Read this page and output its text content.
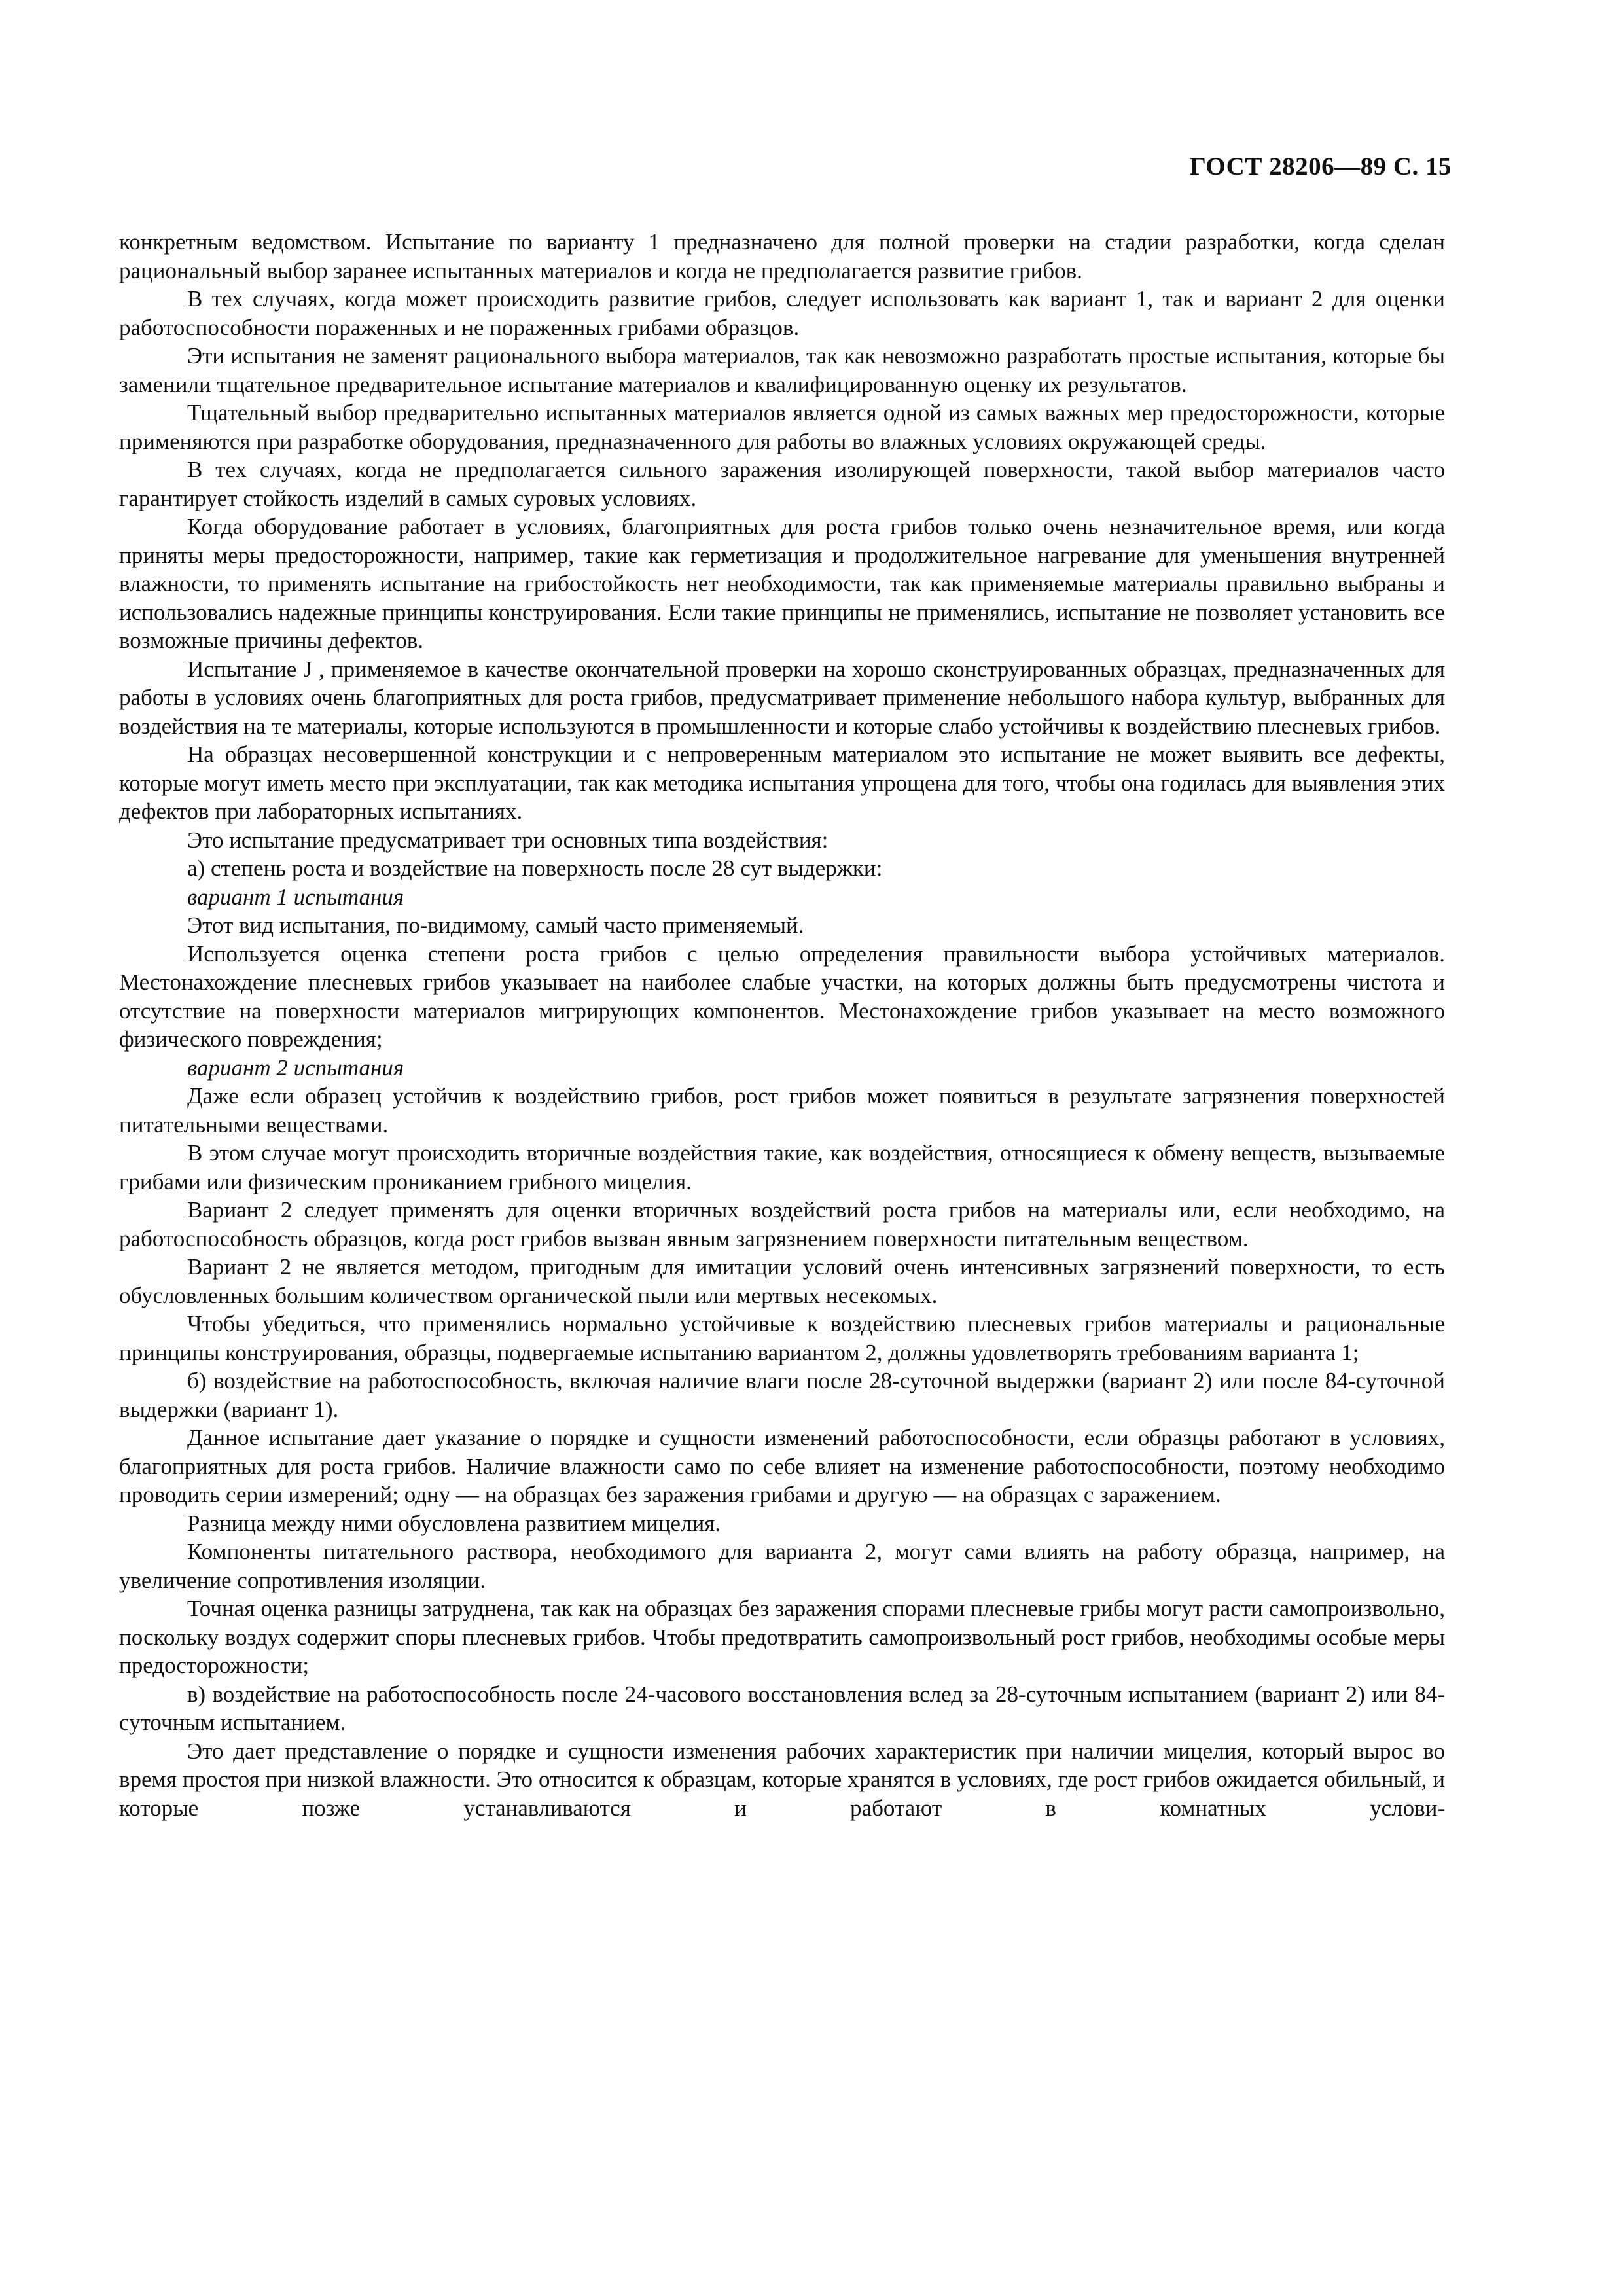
ГОСТ 28206—89 С. 15

конкретным ведомством. Испытание по варианту 1 предназначено для полной проверки на стадии разработки, когда сделан рациональный выбор заранее испытанных материалов и когда не предполагается развитие грибов.

В тех случаях, когда может происходить развитие грибов, следует использовать как вариант 1, так и вариант 2 для оценки работоспособности пораженных и не пораженных грибами образцов.

Эти испытания не заменят рационального выбора материалов, так как невозможно разработать простые испытания, которые бы заменили тщательное предварительное испытание материалов и квалифицированную оценку их результатов.

Тщательный выбор предварительно испытанных материалов является одной из самых важных мер предосторожности, которые применяются при разработке оборудования, предназначенного для работы во влажных условиях окружающей среды.

В тех случаях, когда не предполагается сильного заражения изолирующей поверхности, такой выбор материалов часто гарантирует стойкость изделий в самых суровых условиях.

Когда оборудование работает в условиях, благоприятных для роста грибов только очень незначительное время, или когда приняты меры предосторожности, например, такие как герметизация и продолжительное нагревание для уменьшения внутренней влажности, то применять испытание на грибостойкость нет необходимости, так как применяемые материалы правильно выбраны и использовались надежные принципы конструирования. Если такие принципы не применялись, испытание не позволяет установить все возможные причины дефектов.

Испытание J , применяемое в качестве окончательной проверки на хорошо сконструированных образцах, предназначенных для работы в условиях очень благоприятных для роста грибов, предусматривает применение небольшого набора культур, выбранных для воздействия на те материалы, которые используются в промышленности и которые слабо устойчивы к воздействию плесневых грибов.

На образцах несовершенной конструкции и с непроверенным материалом это испытание не может выявить все дефекты, которые могут иметь место при эксплуатации, так как методика испытания упрощена для того, чтобы она годилась для выявления этих дефектов при лабораторных испытаниях.

Это испытание предусматривает три основных типа воздействия:

а) степень роста и воздействие на поверхность после 28 сут выдержки:

вариант 1 испытания

Этот вид испытания, по-видимому, самый часто применяемый.

Используется оценка степени роста грибов с целью определения правильности выбора устойчивых материалов. Местонахождение плесневых грибов указывает на наиболее слабые участки, на которых должны быть предусмотрены чистота и отсутствие на поверхности материалов мигрирующих компонентов. Местонахождение грибов указывает на место возможного физического повреждения;

вариант 2 испытания

Даже если образец устойчив к воздействию грибов, рост грибов может появиться в результате загрязнения поверхностей питательными веществами.

В этом случае могут происходить вторичные воздействия такие, как воздействия, относящиеся к обмену веществ, вызываемые грибами или физическим прониканием грибного мицелия.

Вариант 2 следует применять для оценки вторичных воздействий роста грибов на материалы или, если необходимо, на работоспособность образцов, когда рост грибов вызван явным загрязнением поверхности питательным веществом.

Вариант 2 не является методом, пригодным для имитации условий очень интенсивных загрязнений поверхности, то есть обусловленных большим количеством органической пыли или мертвых несекомых.

Чтобы убедиться, что применялись нормально устойчивые к воздействию плесневых грибов материалы и рациональные принципы конструирования, образцы, подвергаемые испытанию вариантом 2, должны удовлетворять требованиям варианта 1;

б) воздействие на работоспособность, включая наличие влаги после 28-суточной выдержки (вариант 2) или после 84-суточной выдержки (вариант 1).

Данное испытание дает указание о порядке и сущности изменений работоспособности, если образцы работают в условиях, благоприятных для роста грибов. Наличие влажности само по себе влияет на изменение работоспособности, поэтому необходимо проводить серии измерений; одну — на образцах без заражения грибами и другую — на образцах с заражением.

Разница между ними обусловлена развитием мицелия.

Компоненты питательного раствора, необходимого для варианта 2, могут сами влиять на работу образца, например, на увеличение сопротивления изоляции.

Точная оценка разницы затруднена, так как на образцах без заражения спорами плесневые грибы могут расти самопроизвольно, поскольку воздух содержит споры плесневых грибов. Чтобы предотвратить самопроизвольный рост грибов, необходимы особые меры предосторожности;

в) воздействие на работоспособность после 24-часового восстановления вслед за 28-суточным испытанием (вариант 2) или 84-суточным испытанием.

Это дает представление о порядке и сущности изменения рабочих характеристик при наличии мицелия, который вырос во время простоя при низкой влажности. Это относится к образцам, которые хранятся в условиях, где рост грибов ожидается обильный, и которые позже устанавливаются и работают в комнатных услови-
